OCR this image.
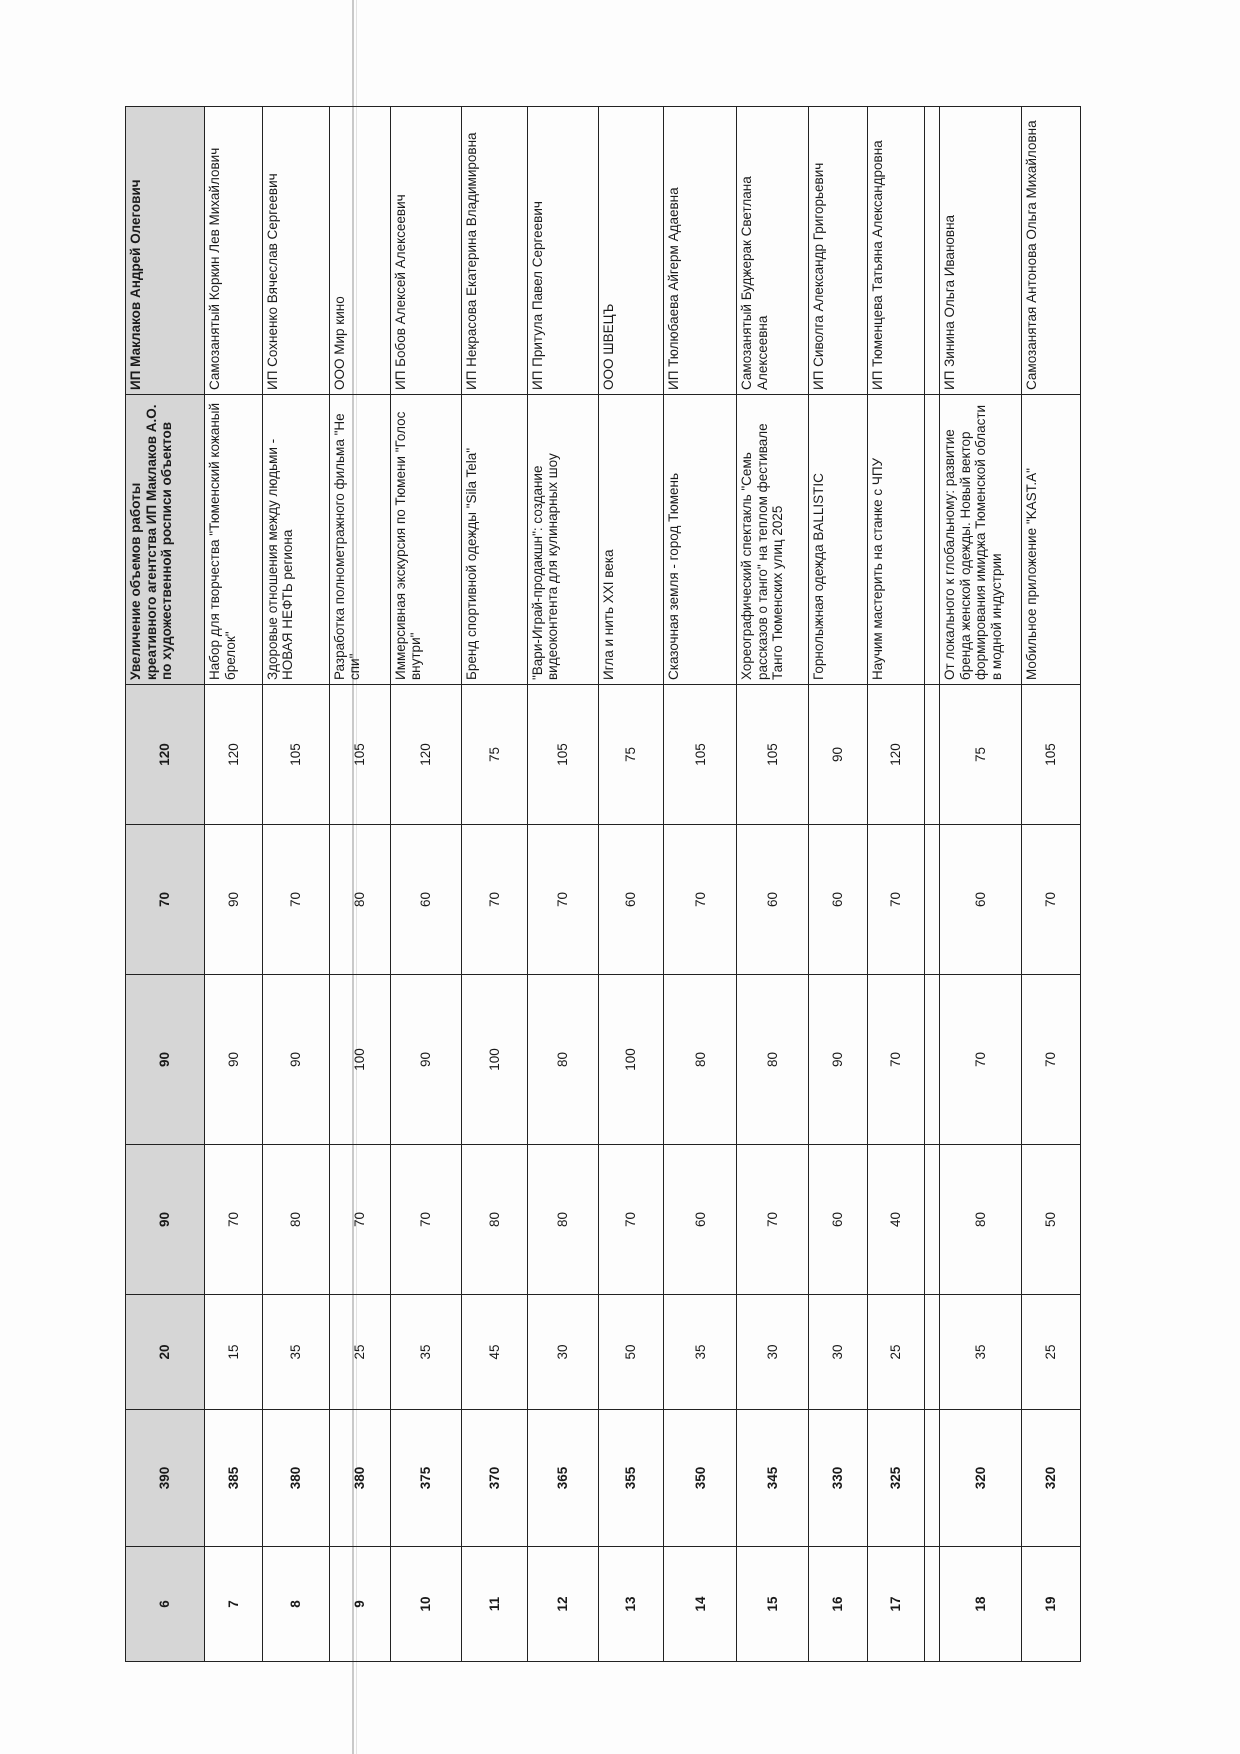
6	390	20	90	90	70	120	Увеличение объемов работы креативного агентства ИП Маклаков А.О. по художественной росписи объектов	ИП Маклаков Андрей Олегович
7	385	15	70	90	90	120	Набор для творчества "Тюменский кожаный брелок"	Самозанятый Коркин Лев Михайлович
8	380	35	80	90	70	105	Здоровые отношения между людьми - НОВАЯ НЕФТЬ региона	ИП Сохненко Вячеслав Сергеевич
9	380	25	70	100	80	105	Разработка полнометражного фильма "Не спи"	ООО Мир кино
10	375	35	70	90	60	120	Иммерсивная экскурсия по Тюмени "Голос внутри"	ИП Бобов Алексей Алексеевич
11	370	45	80	100	70	75	Бренд спортивной одежды "Sila Tela"	ИП Некрасова Екатерина Владимировна
12	365	30	80	80	70	105	"Вари-Играй-продакшн": создание видеоконтента для кулинарных шоу	ИП Притула Павел Сергеевич
13	355	50	70	100	60	75	Игла и нить XXI века	ООО ШВЕЦЪ
14	350	35	60	80	70	105	Сказочная земля - город Тюмень	ИП Тюлюбаева Айгерм Адаевна
15	345	30	70	80	60	105	Хореографический спектакль "Семь рассказов о танго" на теплом фестивале Танго Тюменских улиц 2025	Самозанятый Буджерак Светлана Алексеевна
16	330	30	60	90	60	90	Горнолыжная одежда BALLISTIC	ИП Сиволга Александр Григорьевич
17	325	25	40	70	70	120	Научим мастерить на станке с ЧПУ	ИП Тюменцева Татьяна Александровна

18	320	35	80	70	60	75	От локального к глобальному: развитие бренда женской одежды. Новый вектор формирования имиджа Тюменской области в модной индустрии	ИП Зинина Ольга Ивановна
19	320	25	50	70	70	105	Мобильное приложение "KAST.A"	Самозанятая Антонова Ольга Михайловна
